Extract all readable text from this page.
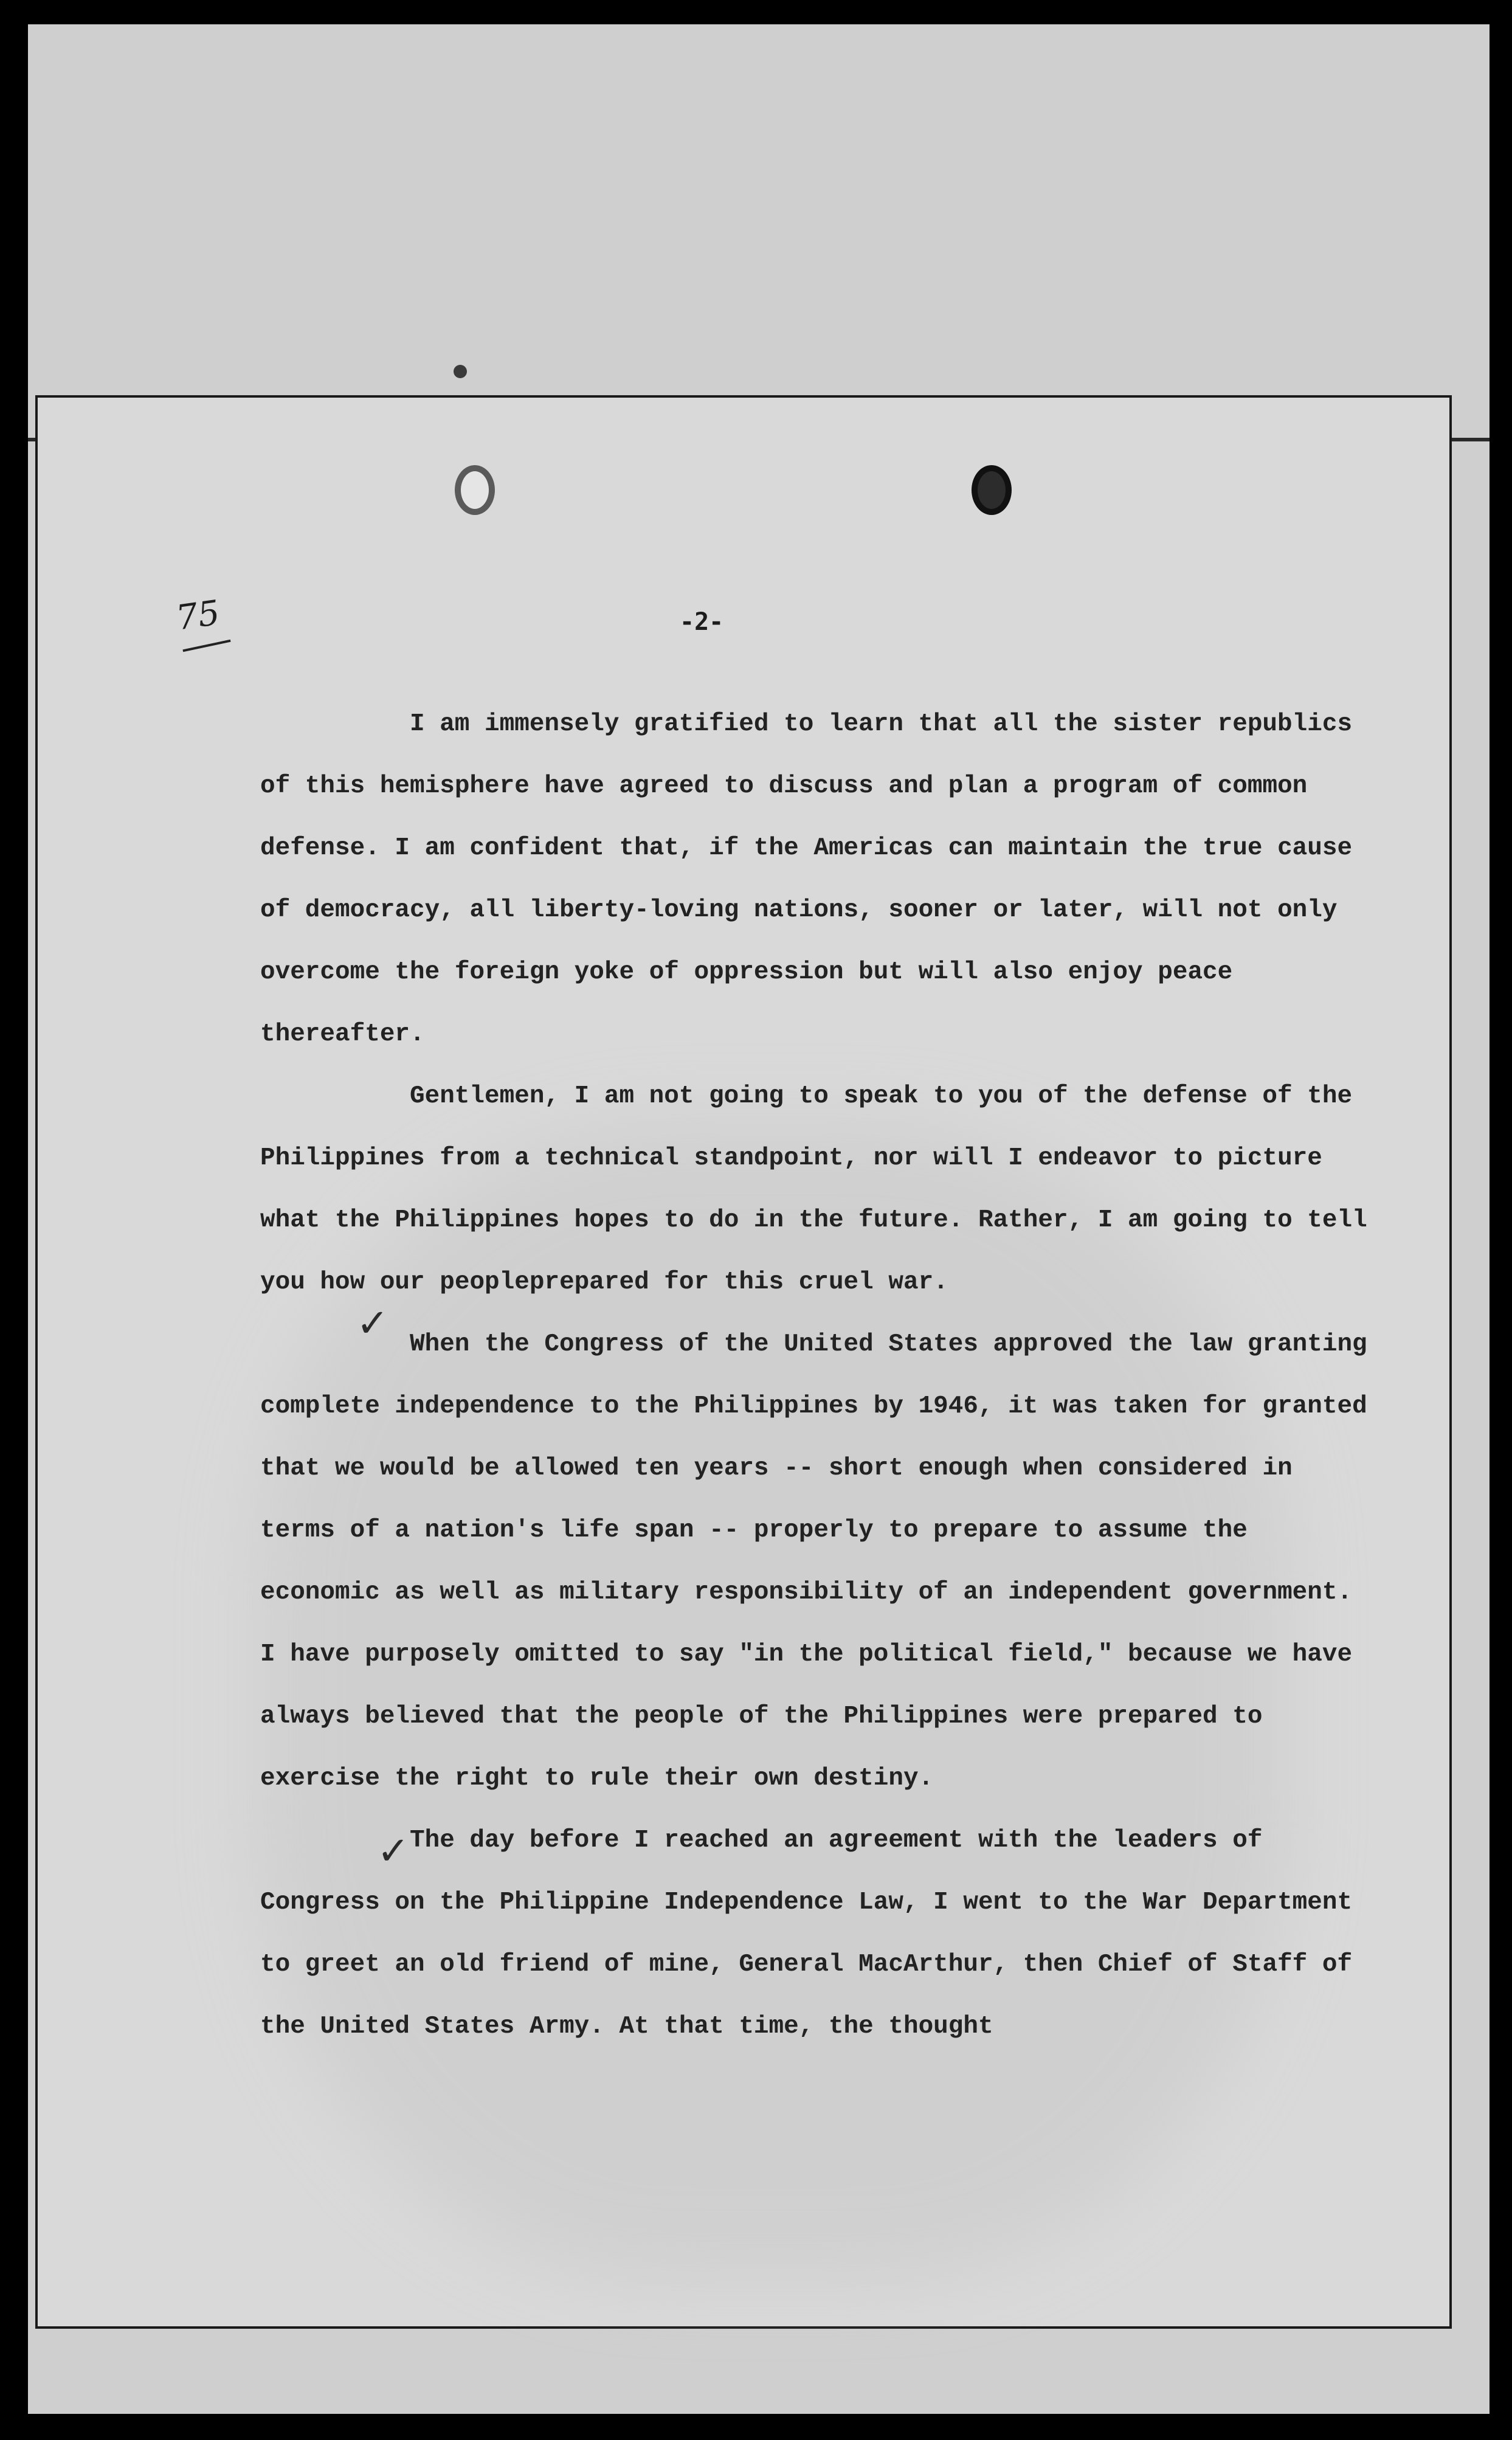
75	-2-
✓
✓

I am immensely gratified to learn that all the sister republics of this hemisphere have agreed to discuss and plan a program of common defense. I am confident that, if the Americas can maintain the true cause of democracy, all liberty-loving nations, sooner or later, will not only overcome the foreign yoke of oppression but will also enjoy peace thereafter.

Gentlemen, I am not going to speak to you of the defense of the Philippines from a technical standpoint, nor will I endeavor to picture what the Philippines hopes to do in the future. Rather, I am going to tell you how our peopleprepared for this cruel war.

When the Congress of the United States approved the law granting complete independence to the Philippines by 1946, it was taken for granted that we would be allowed ten years -- short enough when considered in terms of a nation's life span -- properly to prepare to assume the economic as well as military responsibility of an independent government. I have purposely omitted to say "in the political field," because we have always believed that the people of the Philippines were prepared to exercise the right to rule their own destiny.

The day before I reached an agreement with the leaders of Congress on the Philippine Independence Law, I went to the War Department to greet an old friend of mine, General MacArthur, then Chief of Staff of the United States Army. At that time, the thought
